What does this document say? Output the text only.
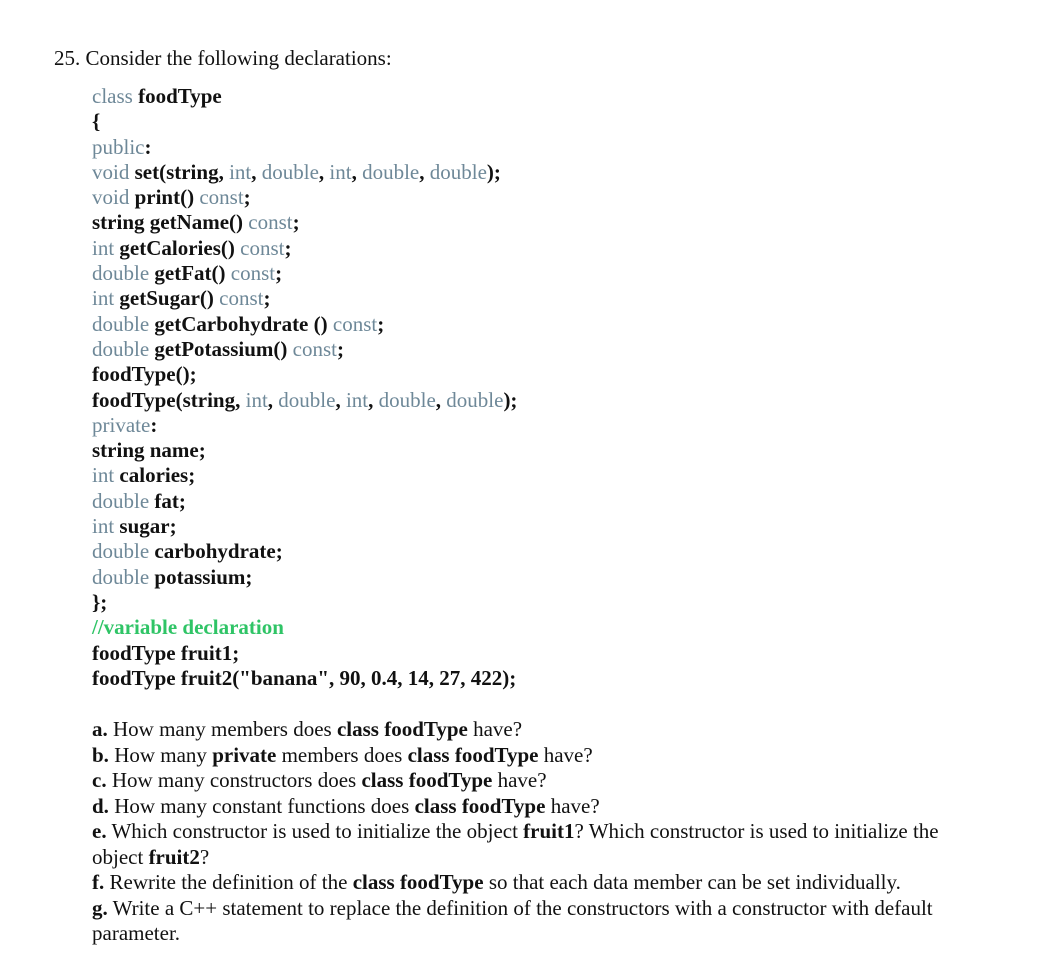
25. Consider the following declarations:
class foodType
{
public:
void set(string, int, double, int, double, double);
void print() const;
string getName() const;
int getCalories() const;
double getFat() const;
int getSugar() const;
double getCarbohydrate () const;
double getPotassium() const;
foodType();
foodType(string, int, double, int, double, double);
private:
string name;
int calories;
double fat;
int sugar;
double carbohydrate;
double potassium;
};
//variable declaration
foodType fruit1;
foodType fruit2("banana", 90, 0.4, 14, 27, 422);
a. How many members does class foodType have?
b. How many private members does class foodType have?
c. How many constructors does class foodType have?
d. How many constant functions does class foodType have?
e. Which constructor is used to initialize the object fruit1? Which constructor is used to initialize the object fruit2?
f. Rewrite the definition of the class foodType so that each data member can be set individually.
g. Write a C++ statement to replace the definition of the constructors with a constructor with default parameter.
